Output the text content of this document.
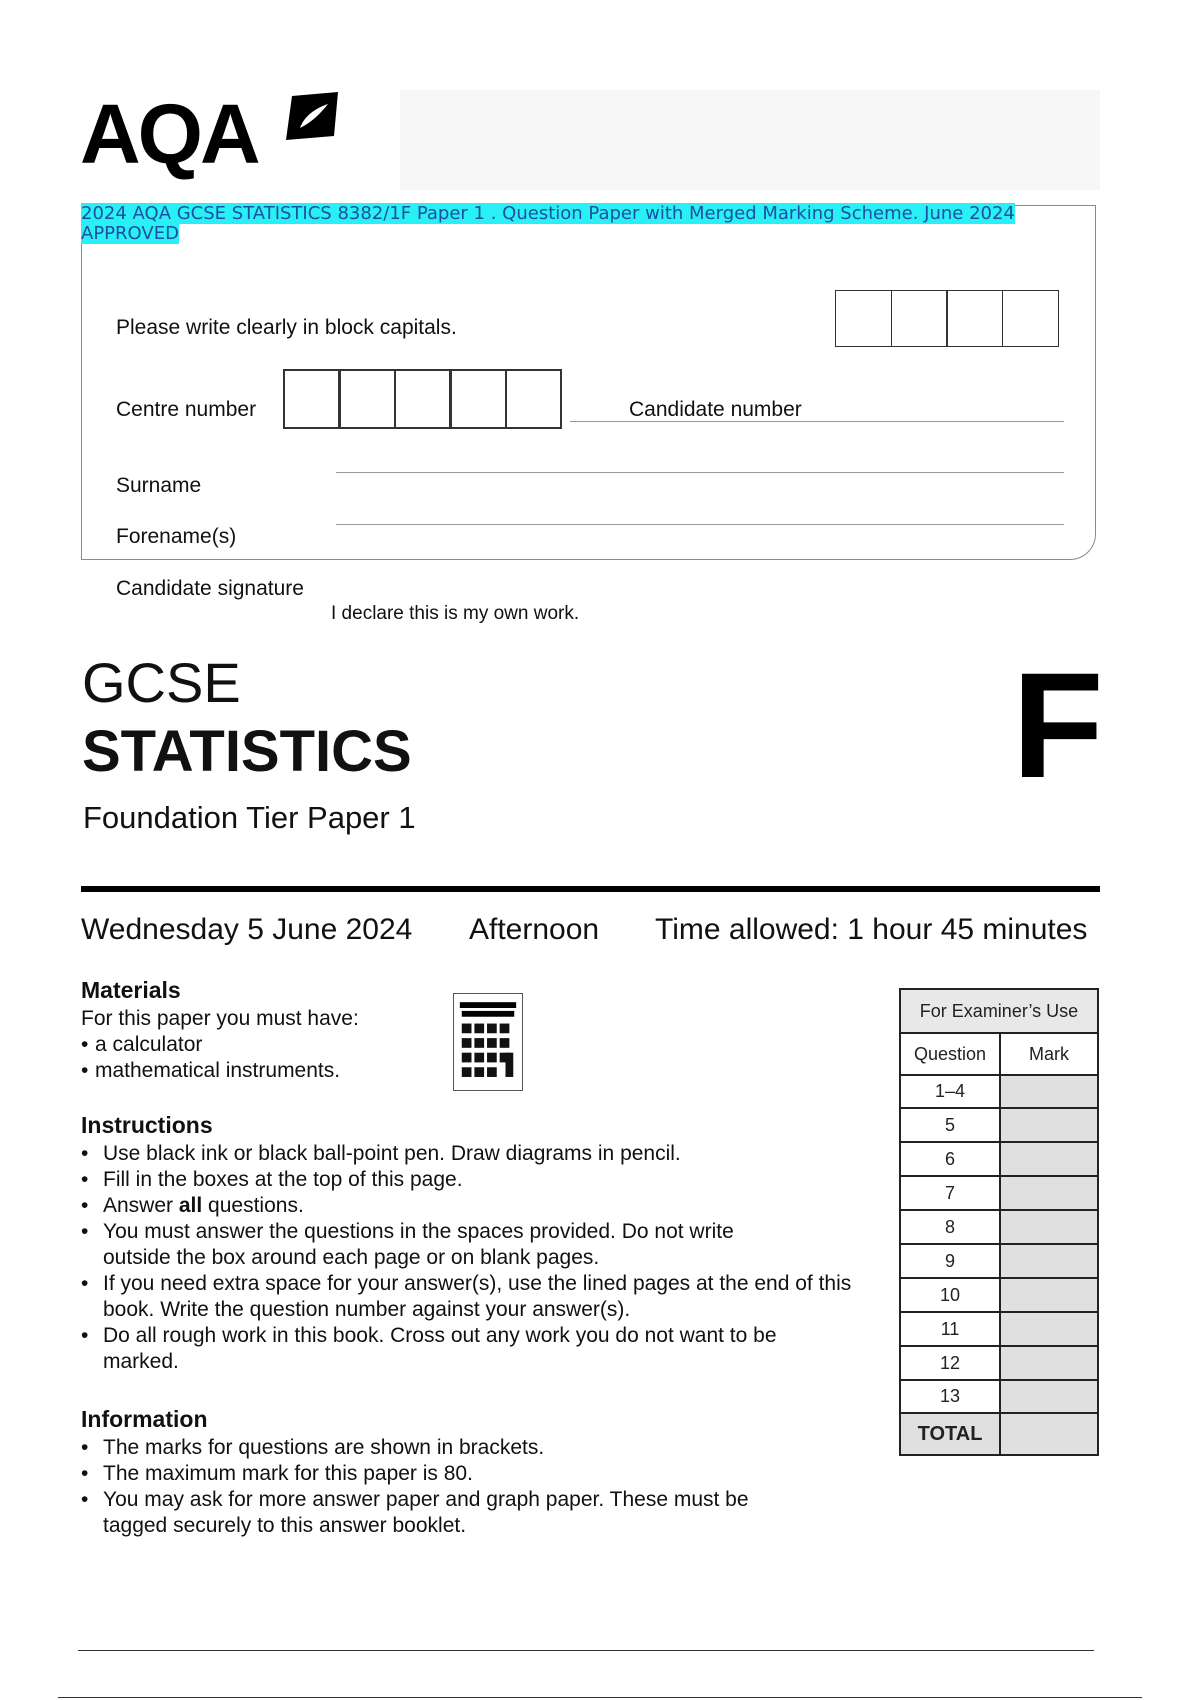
AQA
2024 AQA GCSE STATISTICS 8382/1F Paper 1 . Question Paper with Merged Marking Scheme. June 2024 APPROVED
Please write clearly in block capitals.
Centre number	Candidate number
Surname
Forename(s)
Candidate signature
I declare this is my own work.
GCSE
STATISTICS
Foundation Tier Paper 1
F
Wednesday 5 June 2024 Afternoon Time allowed: 1 hour 45 minutes
Materials
For this paper you must have:
• a calculator
• mathematical instruments.
Instructions
• Use black ink or black ball-point pen. Draw diagrams in pencil.
• Fill in the boxes at the top of this page.
• Answer all questions.
• You must answer the questions in the spaces provided. Do not write outside the box around each page or on blank pages.
• If you need extra space for your answer(s), use the lined pages at the end of this book. Write the question number against your answer(s).
• Do all rough work in this book. Cross out any work you do not want to be marked.
Information
• The marks for questions are shown in brackets.
• The maximum mark for this paper is 80.
• You may ask for more answer paper and graph paper. These must be tagged securely to this answer booklet.
For Examiner’s Use	
Question	Mark
1–4	
5	
6	
7	
8	
9	
10	
11	
12	
13	
TOTAL	
